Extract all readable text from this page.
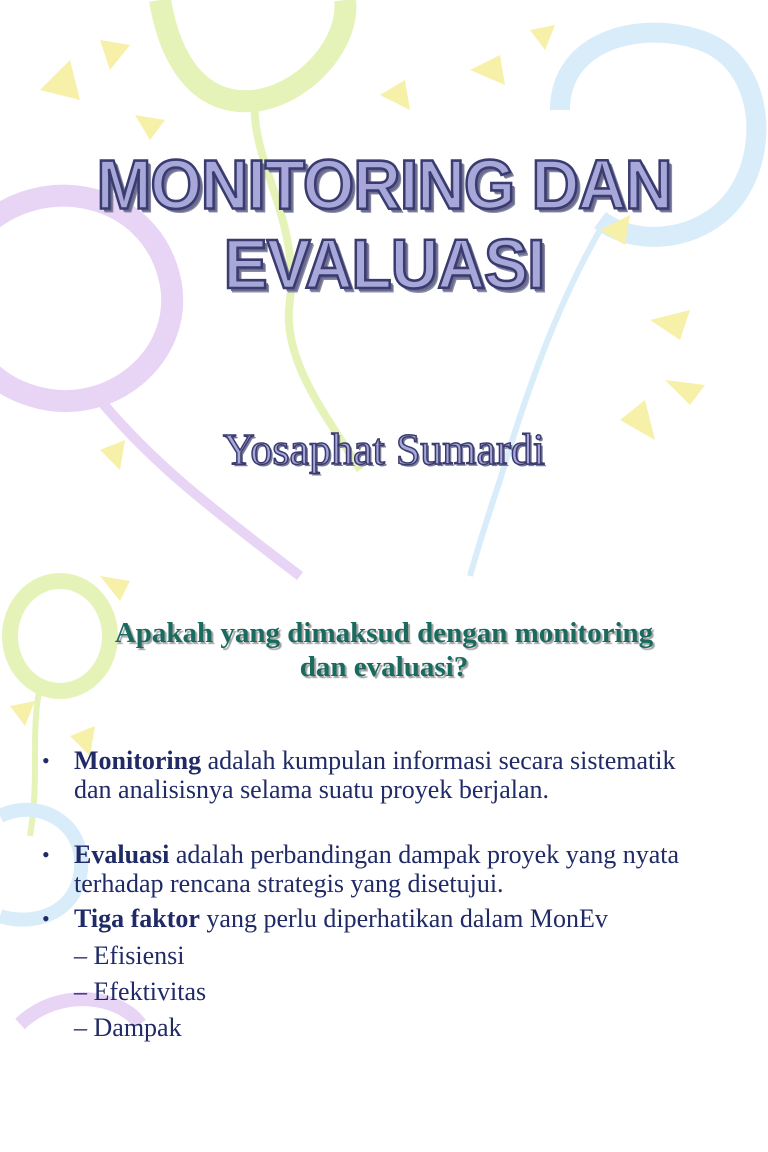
MONITORING DAN EVALUASI
Yosaphat Sumardi
Apakah yang dimaksud dengan monitoring
dan evaluasi?
• Monitoring adalah kumpulan informasi secara sistematik dan analisisnya selama suatu proyek berjalan.
• Evaluasi adalah perbandingan dampak proyek yang nyata terhadap rencana strategis yang disetujui.
• Tiga faktor yang perlu diperhatikan dalam MonEv
– Efisiensi
– Efektivitas
– Dampak
